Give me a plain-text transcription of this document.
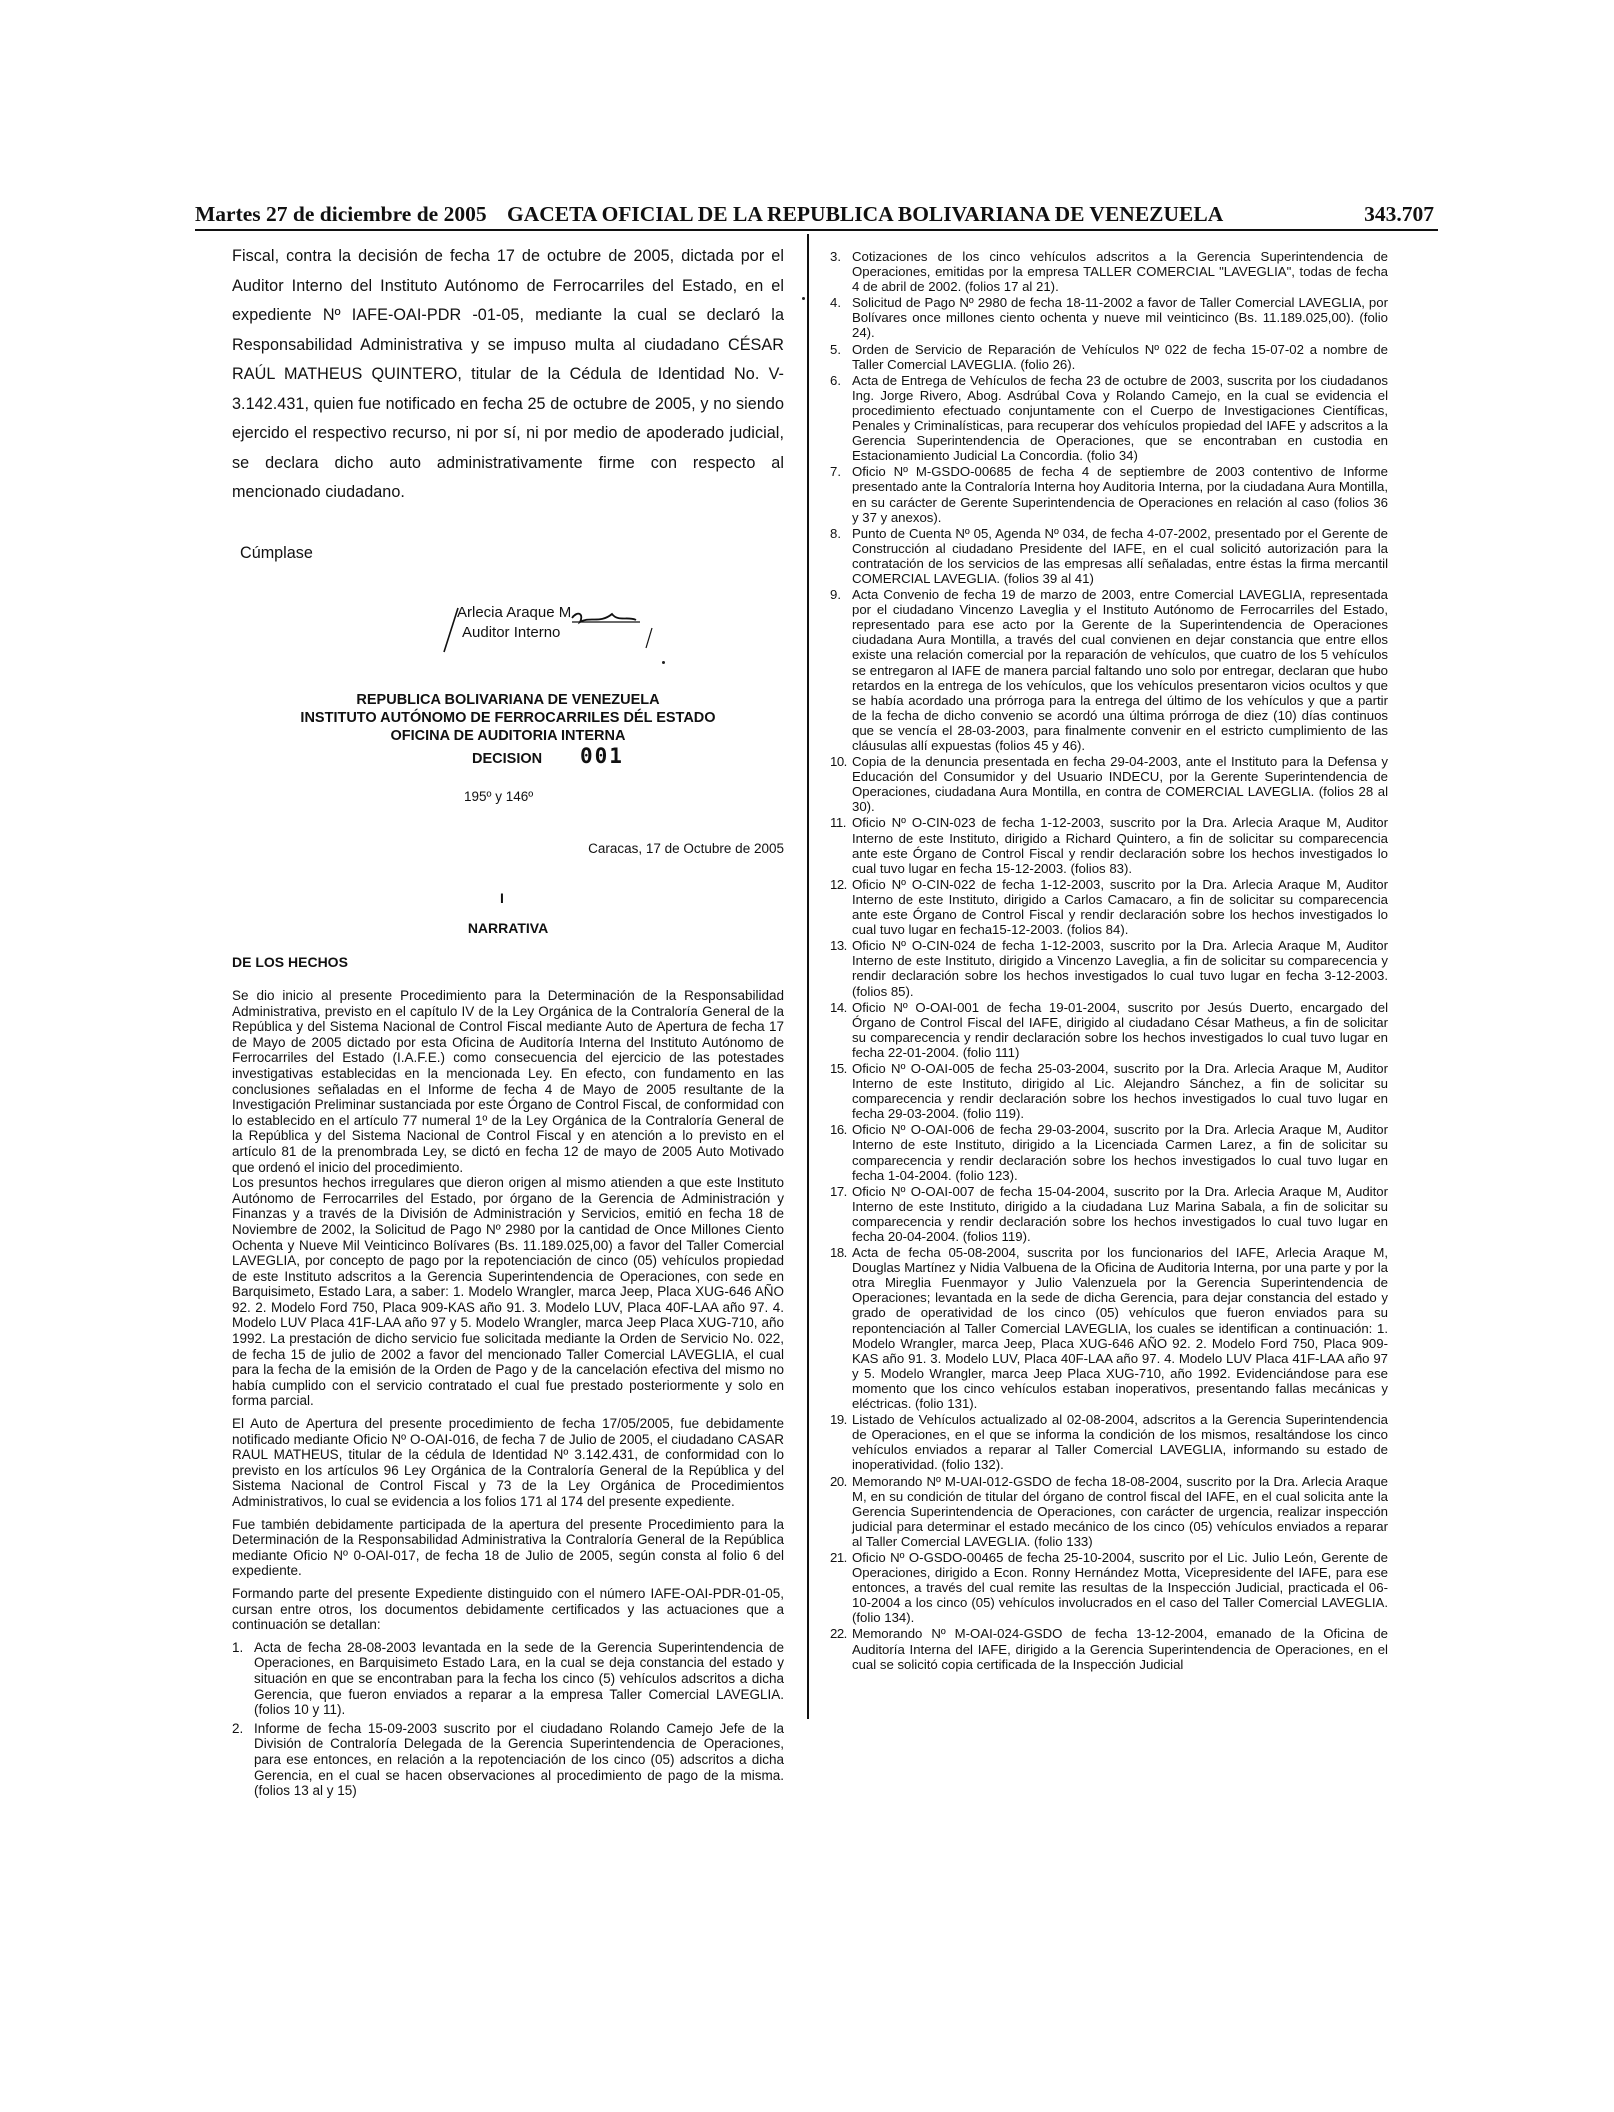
Martes 27 de diciembre de 2005 GACETA OFICIAL DE LA REPUBLICA BOLIVARIANA DE VENEZUELA	343.707

Fiscal, contra la decisión de fecha 17 de octubre de 2005, dictada por el Auditor Interno del Instituto Autónomo de Ferrocarriles del Estado, en el expediente Nº IAFE-OAI-PDR -01-05, mediante la cual se declaró la Responsabilidad Administrativa y se impuso multa al ciudadano CÉSAR RAÚL MATHEUS QUINTERO, titular de la Cédula de Identidad No. V-3.142.431, quien fue notificado en fecha 25 de octubre de 2005, y no siendo ejercido el respectivo recurso, ni por sí, ni por medio de apoderado judicial, se declara dicho auto administrativamente firme con respecto al mencionado ciudadano.

Cúmplase
Arlecia Araque M.
Auditor Interno
REPUBLICA BOLIVARIANA DE VENEZUELA
INSTITUTO AUTÓNOMO DE FERROCARRILES DÉL ESTADO
OFICINA DE AUDITORIA INTERNA
DECISION 001
195º y 146º
Caracas, 17 de Octubre de 2005
I
NARRATIVA
DE LOS HECHOS

Se dio inicio al presente Procedimiento para la Determinación de la Responsabilidad Administrativa, previsto en el capítulo IV de la Ley Orgánica de la Contraloría General de la República y del Sistema Nacional de Control Fiscal mediante Auto de Apertura de fecha 17 de Mayo de 2005 dictado por esta Oficina de Auditoría Interna del Instituto Autónomo de Ferrocarriles del Estado (I.A.F.E.) como consecuencia del ejercicio de las potestades investigativas establecidas en la mencionada Ley. En efecto, con fundamento en las conclusiones señaladas en el Informe de fecha 4 de Mayo de 2005 resultante de la Investigación Preliminar sustanciada por este Órgano de Control Fiscal, de conformidad con lo establecido en el artículo 77 numeral 1º de la Ley Orgánica de la Contraloría General de la República y del Sistema Nacional de Control Fiscal y en atención a lo previsto en el artículo 81 de la prenombrada Ley, se dictó en fecha 12 de mayo de 2005 Auto Motivado que ordenó el inicio del procedimiento.

Los presuntos hechos irregulares que dieron origen al mismo atienden a que este Instituto Autónomo de Ferrocarriles del Estado, por órgano de la Gerencia de Administración y Finanzas y a través de la División de Administración y Servicios, emitió en fecha 18 de Noviembre de 2002, la Solicitud de Pago Nº 2980 por la cantidad de Once Millones Ciento Ochenta y Nueve Mil Veinticinco Bolívares (Bs. 11.189.025,00) a favor del Taller Comercial LAVEGLIA, por concepto de pago por la repotenciación de cinco (05) vehículos propiedad de este Instituto adscritos a la Gerencia Superintendencia de Operaciones, con sede en Barquisimeto, Estado Lara, a saber: 1. Modelo Wrangler, marca Jeep, Placa XUG-646 AÑO 92. 2. Modelo Ford 750, Placa 909-KAS año 91. 3. Modelo LUV, Placa 40F-LAA año 97. 4. Modelo LUV Placa 41F-LAA año 97 y 5. Modelo Wrangler, marca Jeep Placa XUG-710, año 1992. La prestación de dicho servicio fue solicitada mediante la Orden de Servicio No. 022, de fecha 15 de julio de 2002 a favor del mencionado Taller Comercial LAVEGLIA, el cual para la fecha de la emisión de la Orden de Pago y de la cancelación efectiva del mismo no había cumplido con el servicio contratado el cual fue prestado posteriormente y solo en forma parcial.

El Auto de Apertura del presente procedimiento de fecha 17/05/2005, fue debidamente notificado mediante Oficio Nº O-OAI-016, de fecha 7 de Julio de 2005, el ciudadano CASAR RAUL MATHEUS, titular de la cédula de Identidad Nº 3.142.431, de conformidad con lo previsto en los artículos 96 Ley Orgánica de la Contraloría General de la República y del Sistema Nacional de Control Fiscal y 73 de la Ley Orgánica de Procedimientos Administrativos, lo cual se evidencia a los folios 171 al 174 del presente expediente.

Fue también debidamente participada de la apertura del presente Procedimiento para la Determinación de la Responsabilidad Administrativa la Contraloría General de la República mediante Oficio Nº 0-OAI-017, de fecha 18 de Julio de 2005, según consta al folio 6 del expediente.

Formando parte del presente Expediente distinguido con el número IAFE-OAI-PDR-01-05, cursan entre otros, los documentos debidamente certificados y las actuaciones que a continuación se detallan:

1. Acta de fecha 28-08-2003 levantada en la sede de la Gerencia Superintendencia de Operaciones, en Barquisimeto Estado Lara, en la cual se deja constancia del estado y situación en que se encontraban para la fecha los cinco (5) vehículos adscritos a dicha Gerencia, que fueron enviados a reparar a la empresa Taller Comercial LAVEGLIA. (folios 10 y 11).
2. Informe de fecha 15-09-2003 suscrito por el ciudadano Rolando Camejo Jefe de la División de Contraloría Delegada de la Gerencia Superintendencia de Operaciones, para ese entonces, en relación a la repotenciación de los cinco (05) adscritos a dicha Gerencia, en el cual se hacen observaciones al procedimiento de pago de la misma. (folios 13 al y 15)
3. Cotizaciones de los cinco vehículos adscritos a la Gerencia Superintendencia de Operaciones, emitidas por la empresa TALLER COMERCIAL "LAVEGLIA", todas de fecha 4 de abril de 2002. (folios 17 al 21).
4. Solicitud de Pago Nº 2980 de fecha 18-11-2002 a favor de Taller Comercial LAVEGLIA, por Bolívares once millones ciento ochenta y nueve mil veinticinco (Bs. 11.189.025,00). (folio 24).
5. Orden de Servicio de Reparación de Vehículos Nº 022 de fecha 15-07-02 a nombre de Taller Comercial LAVEGLIA. (folio 26).
6. Acta de Entrega de Vehículos de fecha 23 de octubre de 2003, suscrita por los ciudadanos Ing. Jorge Rivero, Abog. Asdrúbal Cova y Rolando Camejo, en la cual se evidencia el procedimiento efectuado conjuntamente con el Cuerpo de Investigaciones Científicas, Penales y Criminalísticas, para recuperar dos vehículos propiedad del IAFE y adscritos a la Gerencia Superintendencia de Operaciones, que se encontraban en custodia en Estacionamiento Judicial La Concordia. (folio 34)
7. Oficio Nº M-GSDO-00685 de fecha 4 de septiembre de 2003 contentivo de Informe presentado ante la Contraloría Interna hoy Auditoria Interna, por la ciudadana Aura Montilla, en su carácter de Gerente Superintendencia de Operaciones en relación al caso (folios 36 y 37 y anexos).
8. Punto de Cuenta Nº 05, Agenda Nº 034, de fecha 4-07-2002, presentado por el Gerente de Construcción al ciudadano Presidente del IAFE, en el cual solicitó autorización para la contratación de los servicios de las empresas allí señaladas, entre éstas la firma mercantil COMERCIAL LAVEGLIA. (folios 39 al 41)
9. Acta Convenio de fecha 19 de marzo de 2003, entre Comercial LAVEGLIA, representada por el ciudadano Vincenzo Laveglia y el Instituto Autónomo de Ferrocarriles del Estado, representado para ese acto por la Gerente de la Superintendencia de Operaciones ciudadana Aura Montilla, a través del cual convienen en dejar constancia que entre ellos existe una relación comercial por la reparación de vehículos, que cuatro de los 5 vehículos se entregaron al IAFE de manera parcial faltando uno solo por entregar, declaran que hubo retardos en la entrega de los vehículos, que los vehículos presentaron vicios ocultos y que se había acordado una prórroga para la entrega del último de los vehículos y que a partir de la fecha de dicho convenio se acordó una última prórroga de diez (10) días continuos que se vencía el 28-03-2003, para finalmente convenir en el estricto cumplimiento de las cláusulas allí expuestas (folios 45 y 46).
10. Copia de la denuncia presentada en fecha 29-04-2003, ante el Instituto para la Defensa y Educación del Consumidor y del Usuario INDECU, por la Gerente Superintendencia de Operaciones, ciudadana Aura Montilla, en contra de COMERCIAL LAVEGLIA. (folios 28 al 30).
11. Oficio Nº O-CIN-023 de fecha 1-12-2003, suscrito por la Dra. Arlecia Araque M, Auditor Interno de este Instituto, dirigido a Richard Quintero, a fin de solicitar su comparecencia ante este Órgano de Control Fiscal y rendir declaración sobre los hechos investigados lo cual tuvo lugar en fecha 15-12-2003. (folios 83).
12. Oficio Nº O-CIN-022 de fecha 1-12-2003, suscrito por la Dra. Arlecia Araque M, Auditor Interno de este Instituto, dirigido a Carlos Camacaro, a fin de solicitar su comparecencia ante este Órgano de Control Fiscal y rendir declaración sobre los hechos investigados lo cual tuvo lugar en fecha15-12-2003. (folios 84).
13. Oficio Nº O-CIN-024 de fecha 1-12-2003, suscrito por la Dra. Arlecia Araque M, Auditor Interno de este Instituto, dirigido a Vincenzo Laveglia, a fin de solicitar su comparecencia y rendir declaración sobre los hechos investigados lo cual tuvo lugar en fecha 3-12-2003. (folios 85).
14. Oficio Nº O-OAI-001 de fecha 19-01-2004, suscrito por Jesús Duerto, encargado del Órgano de Control Fiscal del IAFE, dirigido al ciudadano César Matheus, a fin de solicitar su comparecencia y rendir declaración sobre los hechos investigados lo cual tuvo lugar en fecha 22-01-2004. (folio 111)
15. Oficio Nº O-OAI-005 de fecha 25-03-2004, suscrito por la Dra. Arlecia Araque M, Auditor Interno de este Instituto, dirigido al Lic. Alejandro Sánchez, a fin de solicitar su comparecencia y rendir declaración sobre los hechos investigados lo cual tuvo lugar en fecha 29-03-2004. (folio 119).
16. Oficio Nº O-OAI-006 de fecha 29-03-2004, suscrito por la Dra. Arlecia Araque M, Auditor Interno de este Instituto, dirigido a la Licenciada Carmen Larez, a fin de solicitar su comparecencia y rendir declaración sobre los hechos investigados lo cual tuvo lugar en fecha 1-04-2004. (folio 123).
17. Oficio Nº O-OAI-007 de fecha 15-04-2004, suscrito por la Dra. Arlecia Araque M, Auditor Interno de este Instituto, dirigido a la ciudadana Luz Marina Sabala, a fin de solicitar su comparecencia y rendir declaración sobre los hechos investigados lo cual tuvo lugar en fecha 20-04-2004. (folios 119).
18. Acta de fecha 05-08-2004, suscrita por los funcionarios del IAFE, Arlecia Araque M, Douglas Martínez y Nidia Valbuena de la Oficina de Auditoria Interna, por una parte y por la otra Mireglia Fuenmayor y Julio Valenzuela por la Gerencia Superintendencia de Operaciones; levantada en la sede de dicha Gerencia, para dejar constancia del estado y grado de operatividad de los cinco (05) vehículos que fueron enviados para su repontenciación al Taller Comercial LAVEGLIA, los cuales se identifican a continuación: 1. Modelo Wrangler, marca Jeep, Placa XUG-646 AÑO 92. 2. Modelo Ford 750, Placa 909-KAS año 91. 3. Modelo LUV, Placa 40F-LAA año 97. 4. Modelo LUV Placa 41F-LAA año 97 y 5. Modelo Wrangler, marca Jeep Placa XUG-710, año 1992. Evidenciándose para ese momento que los cinco vehículos estaban inoperativos, presentando fallas mecánicas y eléctricas. (folio 131).
19. Listado de Vehículos actualizado al 02-08-2004, adscritos a la Gerencia Superintendencia de Operaciones, en el que se informa la condición de los mismos, resaltándose los cinco vehículos enviados a reparar al Taller Comercial LAVEGLIA, informando su estado de inoperatividad. (folio 132).
20. Memorando Nº M-UAI-012-GSDO de fecha 18-08-2004, suscrito por la Dra. Arlecia Araque M, en su condición de titular del órgano de control fiscal del IAFE, en el cual solicita ante la Gerencia Superintendencia de Operaciones, con carácter de urgencia, realizar inspección judicial para determinar el estado mecánico de los cinco (05) vehículos enviados a reparar al Taller Comercial LAVEGLIA. (folio 133)
21. Oficio Nº O-GSDO-00465 de fecha 25-10-2004, suscrito por el Lic. Julio León, Gerente de Operaciones, dirigido a Econ. Ronny Hernández Motta, Vicepresidente del IAFE, para ese entonces, a través del cual remite las resultas de la Inspección Judicial, practicada el 06-10-2004 a los cinco (05) vehículos involucrados en el caso del Taller Comercial LAVEGLIA. (folio 134).
22. Memorando Nº M-OAI-024-GSDO de fecha 13-12-2004, emanado de la Oficina de Auditoría Interna del IAFE, dirigido a la Gerencia Superintendencia de Operaciones, en el cual se solicitó copia certificada de la Inspección Judicial
